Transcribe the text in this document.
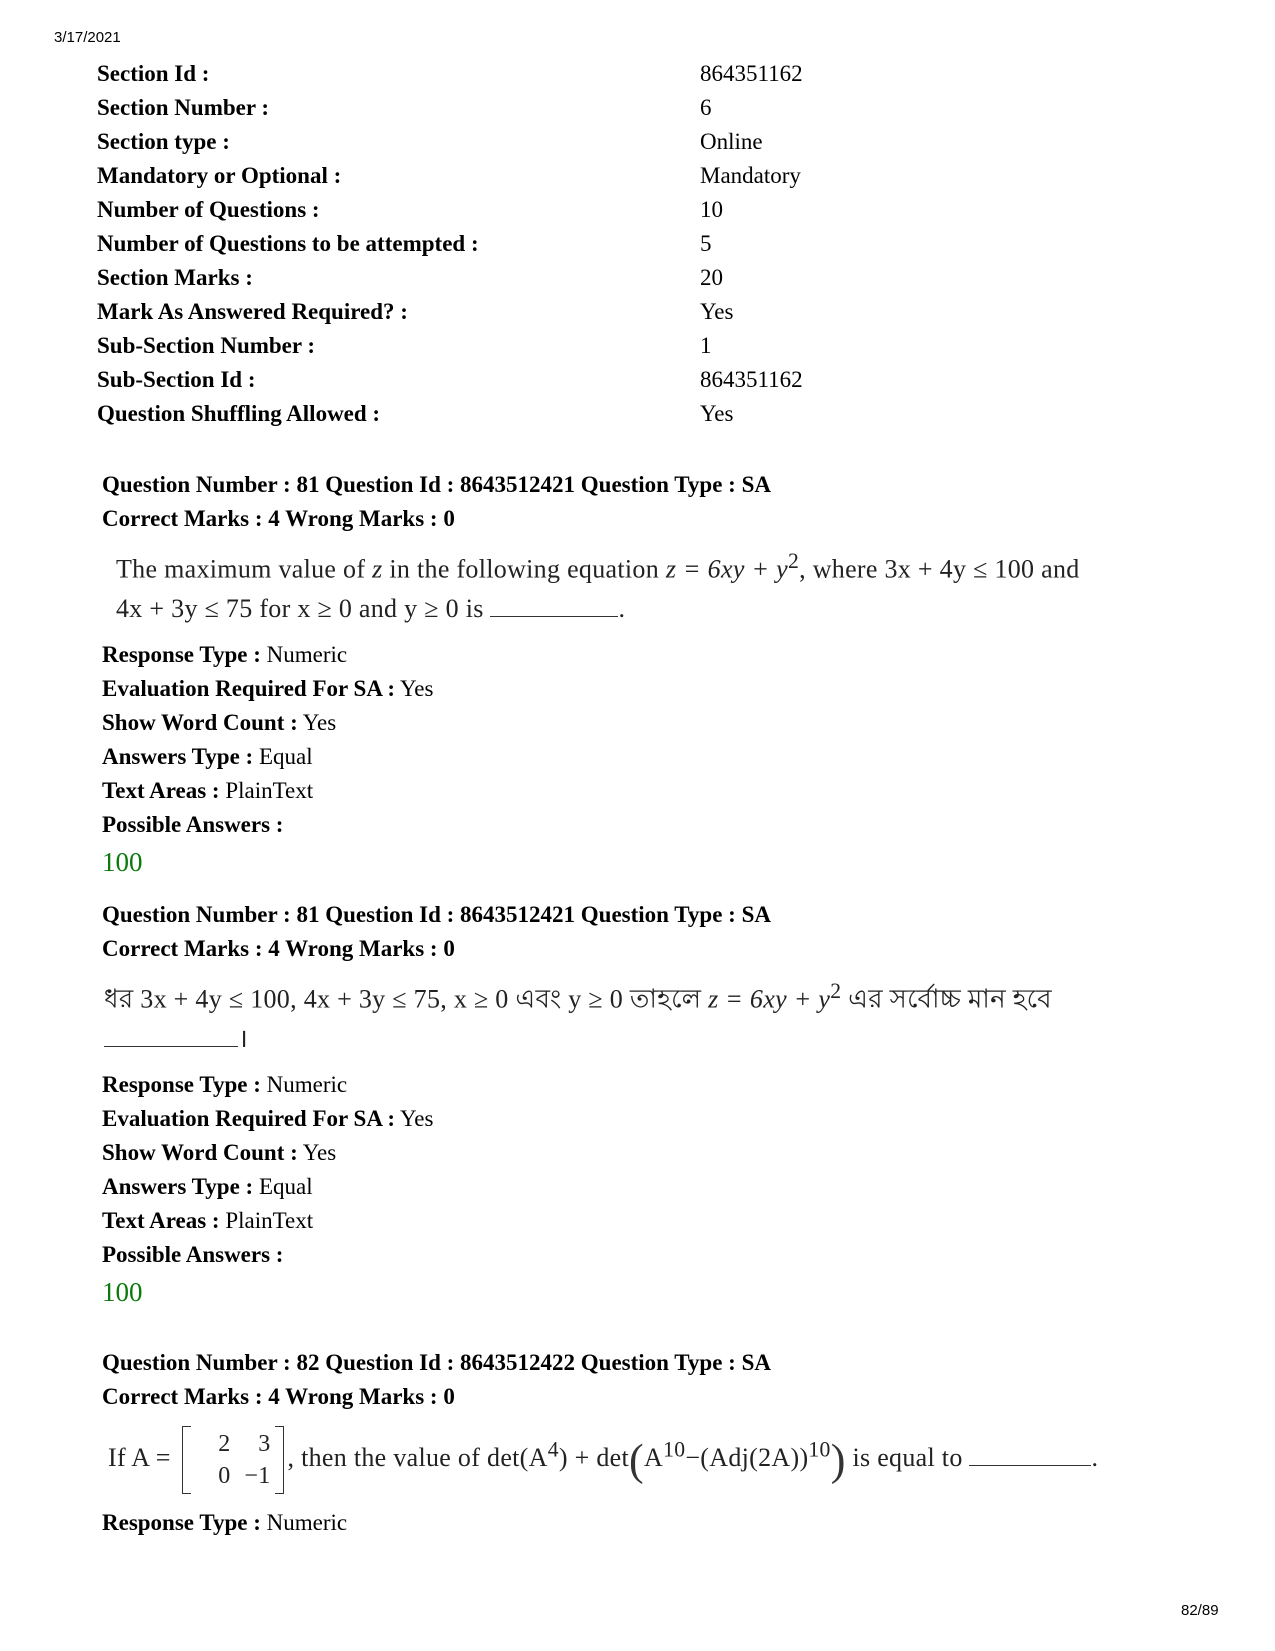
3/17/2021
Section Id :	864351162
Section Number :	6
Section type :	Online
Mandatory or Optional :	Mandatory
Number of Questions :	10
Number of Questions to be attempted :	5
Section Marks :	20
Mark As Answered Required? :	Yes
Sub-Section Number :	1
Sub-Section Id :	864351162
Question Shuffling Allowed :	Yes
Question Number : 81 Question Id : 8643512421 Question Type : SA
Correct Marks : 4 Wrong Marks : 0
The maximum value of z in the following equation $z = 6xy + y^2$, where 3x + 4y ≤ 100 and
4x + 3y ≤ 75 for x ≥ 0 and y ≥ 0 is	.
Response Type : Numeric
Evaluation Required For SA : Yes
Show Word Count : Yes
Answers Type : Equal
Text Areas : PlainText
Possible Answers :
100
Question Number : 81 Question Id : 8643512421 Question Type : SA
Correct Marks : 4 Wrong Marks : 0
ধর 3x + 4y ≤ 100, 4x + 3y ≤ 75, x ≥ 0 এবং y ≥ 0 তাহলে $z = 6xy + y^2$ এর সর্বোচ্চ মান হবে
।
Response Type : Numeric
Evaluation Required For SA : Yes
Show Word Count : Yes
Answers Type : Equal
Text Areas : PlainText
Possible Answers :
100
Question Number : 82 Question Id : 8643512422 Question Type : SA
Correct Marks : 4 Wrong Marks : 0
If A =	2	3
0 −1
, then the value of $\det(A^4) + \det(A^{10}-(Adj(2A))^{10})$ is equal to	.
Response Type : Numeric
82/89
